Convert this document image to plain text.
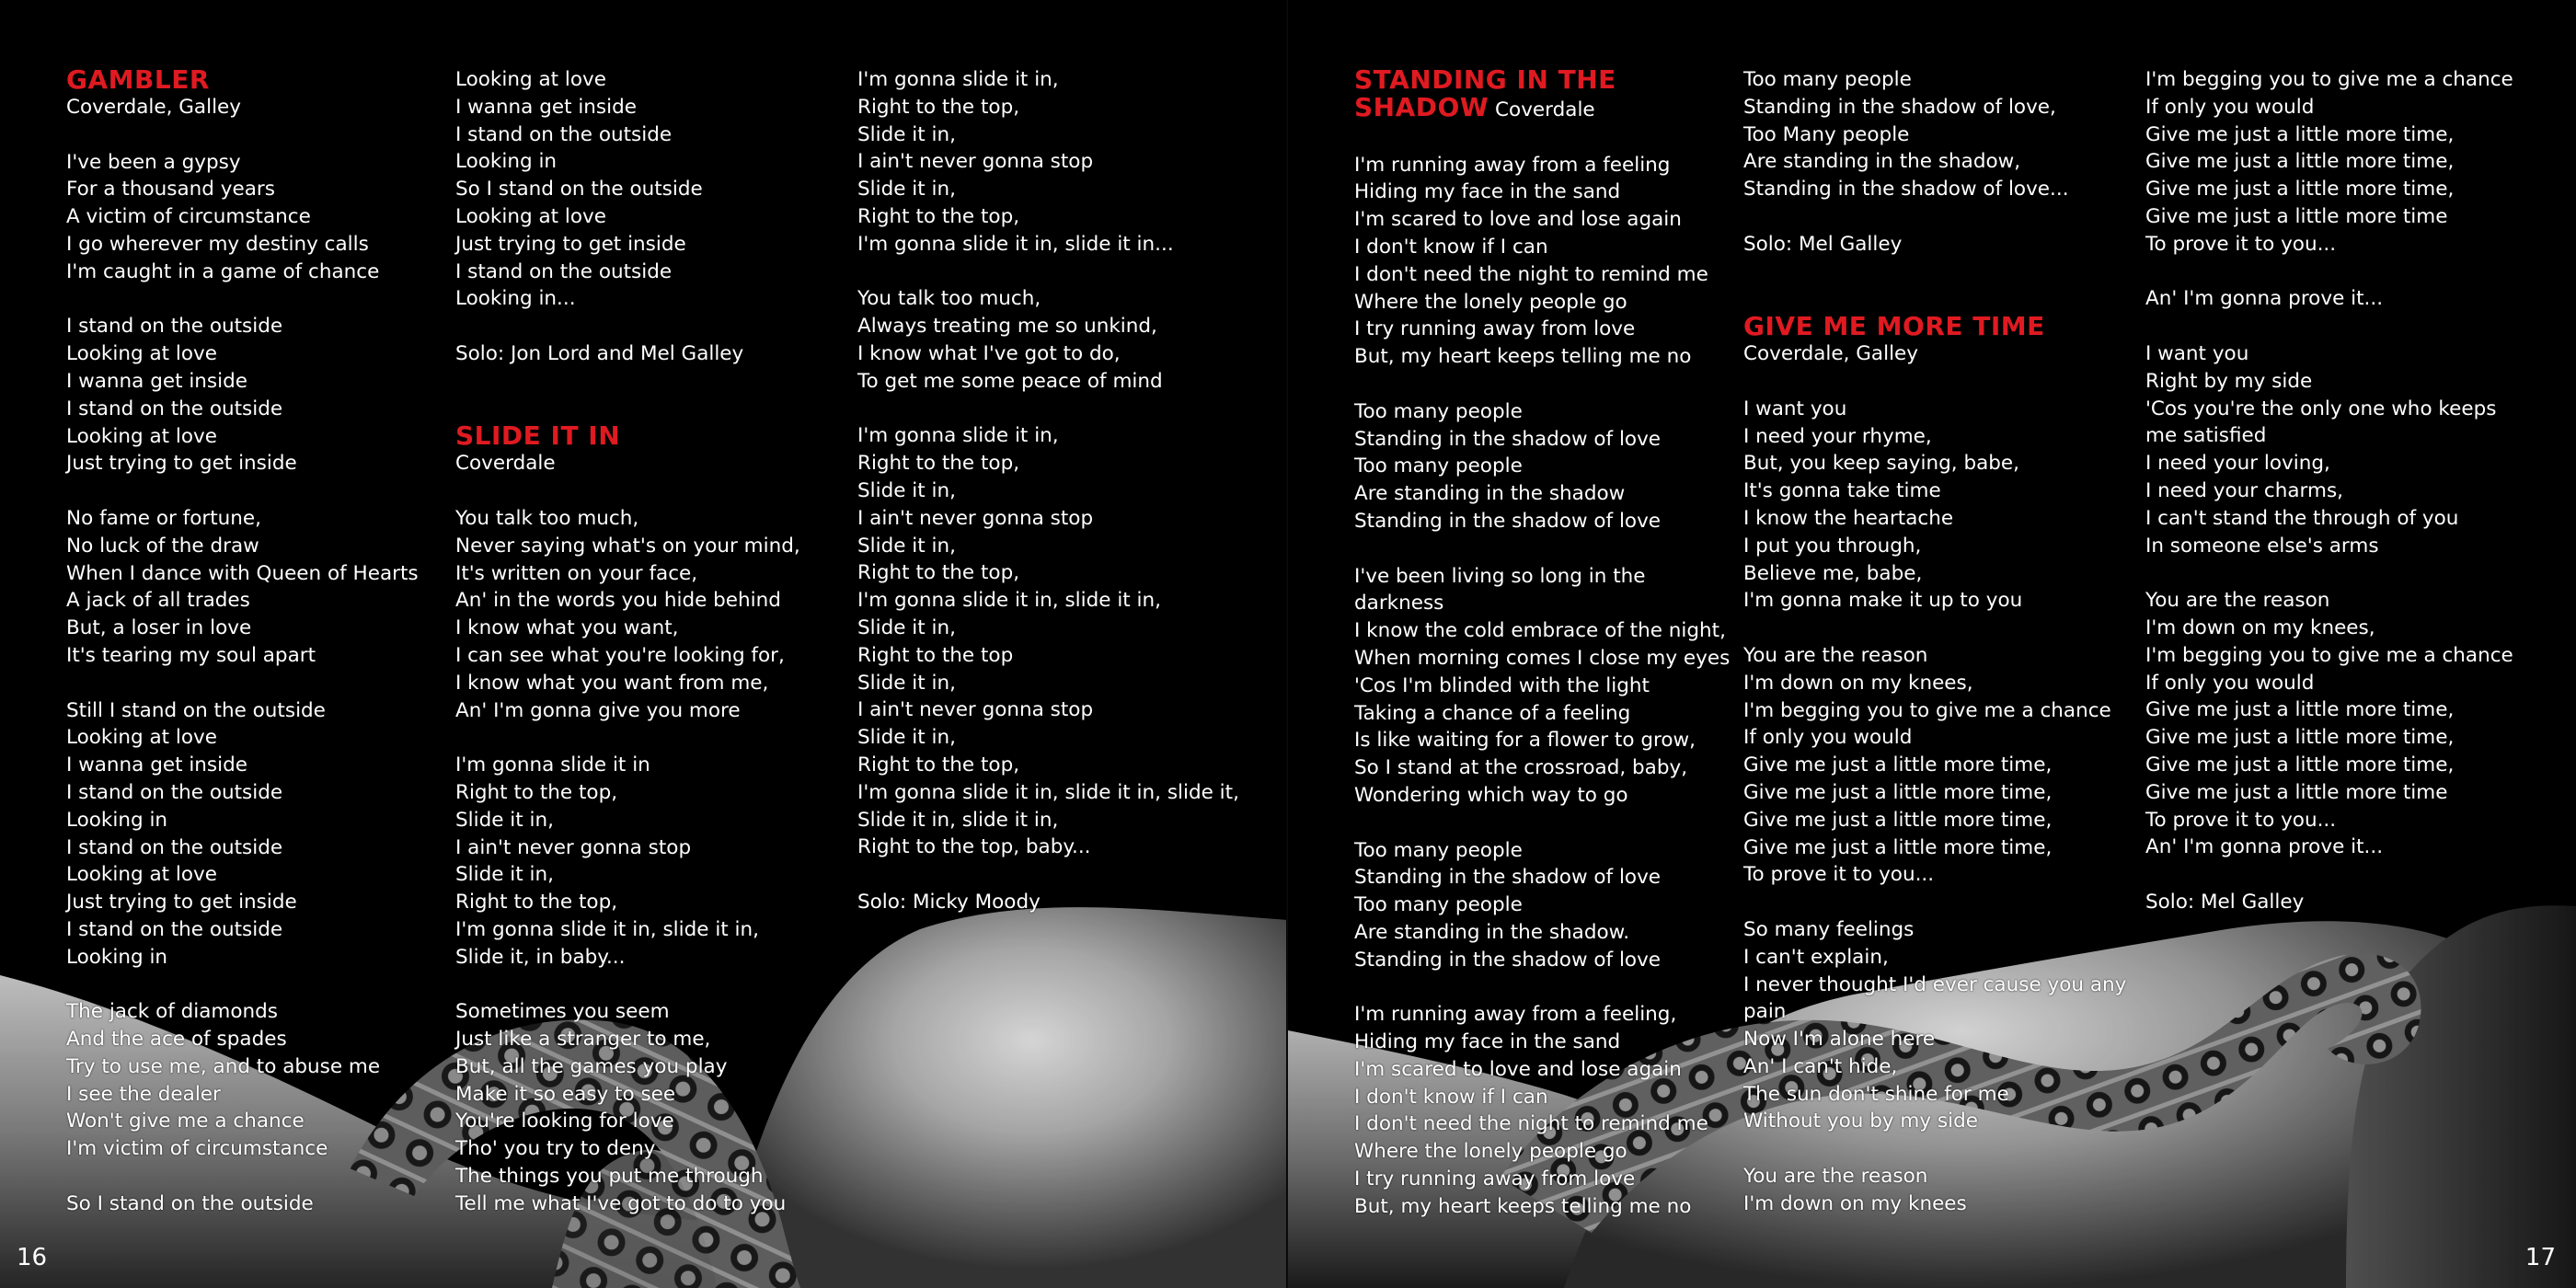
GAMBLER
Coverdale, Galley
I've been a gypsy
For a thousand years
A victim of circumstance
I go wherever my destiny calls
I'm caught in a game of chance
I stand on the outside
Looking at love
I wanna get inside
I stand on the outside
Looking at love
Just trying to get inside
No fame or fortune,
No luck of the draw
When I dance with Queen of Hearts
A jack of all trades
But, a loser in love
It's tearing my soul apart
Still I stand on the outside
Looking at love
I wanna get inside
I stand on the outside
Looking in
I stand on the outside
Looking at love
Just trying to get inside
I stand on the outside
Looking in
The jack of diamonds
And the ace of spades
Try to use me, and to abuse me
I see the dealer
Won't give me a chance
I'm victim of circumstance
So I stand on the outside
Looking at love
I wanna get inside
I stand on the outside
Looking in
So I stand on the outside
Looking at love
Just trying to get inside
I stand on the outside
Looking in...
Solo: Jon Lord and Mel Galley
SLIDE IT IN
Coverdale
You talk too much,
Never saying what's on your mind,
It's written on your face,
An' in the words you hide behind
I know what you want,
I can see what you're looking for,
I know what you want from me,
An' I'm gonna give you more
I'm gonna slide it in
Right to the top,
Slide it in,
I ain't never gonna stop
Slide it in,
Right to the top,
I'm gonna slide it in, slide it in,
Slide it, in baby...
Sometimes you seem
Just like a stranger to me,
But, all the games you play
Make it so easy to see
You're looking for love
Tho' you try to deny
The things you put me through
Tell me what I've got to do to you
I'm gonna slide it in,
Right to the top,
Slide it in,
I ain't never gonna stop
Slide it in,
Right to the top,
I'm gonna slide it in, slide it in...
You talk too much,
Always treating me so unkind,
I know what I've got to do,
To get me some peace of mind
I'm gonna slide it in,
Right to the top,
Slide it in,
I ain't never gonna stop
Slide it in,
Right to the top,
I'm gonna slide it in, slide it in,
Slide it in,
Right to the top
Slide it in,
I ain't never gonna stop
Slide it in,
Right to the top,
I'm gonna slide it in, slide it in, slide it,
Slide it in, slide it in,
Right to the top, baby...
Solo: Micky Moody
16
STANDING IN THE
SHADOW Coverdale
I'm running away from a feeling
Hiding my face in the sand
I'm scared to love and lose again
I don't know if I can
I don't need the night to remind me
Where the lonely people go
I try running away from love
But, my heart keeps telling me no
Too many people
Standing in the shadow of love
Too many people
Are standing in the shadow
Standing in the shadow of love
I've been living so long in the
darkness
I know the cold embrace of the night,
When morning comes I close my eyes
'Cos I'm blinded with the light
Taking a chance of a feeling
Is like waiting for a flower to grow,
So I stand at the crossroad, baby,
Wondering which way to go
Too many people
Standing in the shadow of love
Too many people
Are standing in the shadow.
Standing in the shadow of love
I'm running away from a feeling,
Hiding my face in the sand
I'm scared to love and lose again
I don't know if I can
I don't need the night to remind me
Where the lonely people go
I try running away from love
But, my heart keeps telling me no
Too many people
Standing in the shadow of love,
Too Many people
Are standing in the shadow,
Standing in the shadow of love...
Solo: Mel Galley
GIVE ME MORE TIME
Coverdale, Galley
I want you
I need your rhyme,
But, you keep saying, babe,
It's gonna take time
I know the heartache
I put you through,
Believe me, babe,
I'm gonna make it up to you
You are the reason
I'm down on my knees,
I'm begging you to give me a chance
If only you would
Give me just a little more time,
Give me just a little more time,
Give me just a little more time,
Give me just a little more time,
To prove it to you...
So many feelings
I can't explain,
I never thought I'd ever cause you any
pain
Now I'm alone here
An' I can't hide,
The sun don't shine for me
Without you by my side
You are the reason
I'm down on my knees
I'm begging you to give me a chance
If only you would
Give me just a little more time,
Give me just a little more time,
Give me just a little more time,
Give me just a little more time
To prove it to you...
An' I'm gonna prove it...
I want you
Right by my side
'Cos you're the only one who keeps
me satisfied
I need your loving,
I need your charms,
I can't stand the through of you
In someone else's arms
You are the reason
I'm down on my knees,
I'm begging you to give me a chance
If only you would
Give me just a little more time,
Give me just a little more time,
Give me just a little more time,
Give me just a little more time
To prove it to you...
An' I'm gonna prove it...
Solo: Mel Galley
17
